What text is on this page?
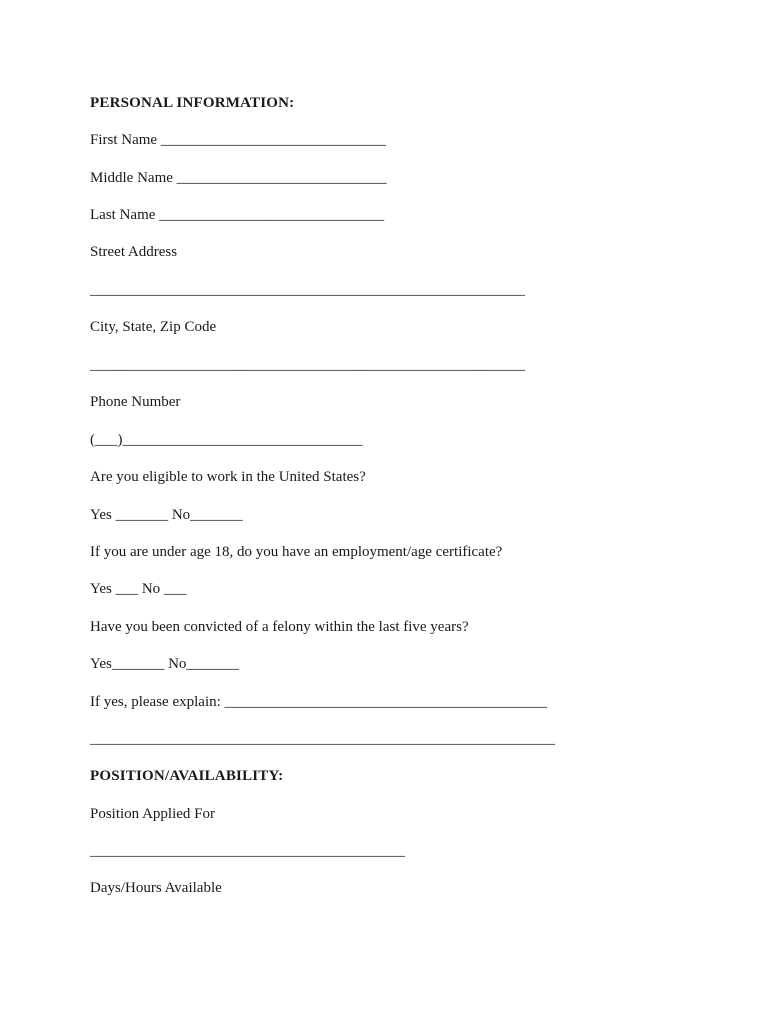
PERSONAL INFORMATION:
First Name ______________________________
Middle Name ____________________________
Last Name ______________________________
Street Address
__________________________________________________________
City, State, Zip Code
__________________________________________________________
Phone Number
(___)________________________________
Are you eligible to work in the United States?
Yes _______ No_______
If you are under age 18, do you have an employment/age certificate?
Yes ___ No ___
Have you been convicted of a felony within the last five years?
Yes_______ No_______
If yes, please explain: ___________________________________________
______________________________________________________________
POSITION/AVAILABILITY:
Position Applied For
__________________________________________
Days/Hours Available
